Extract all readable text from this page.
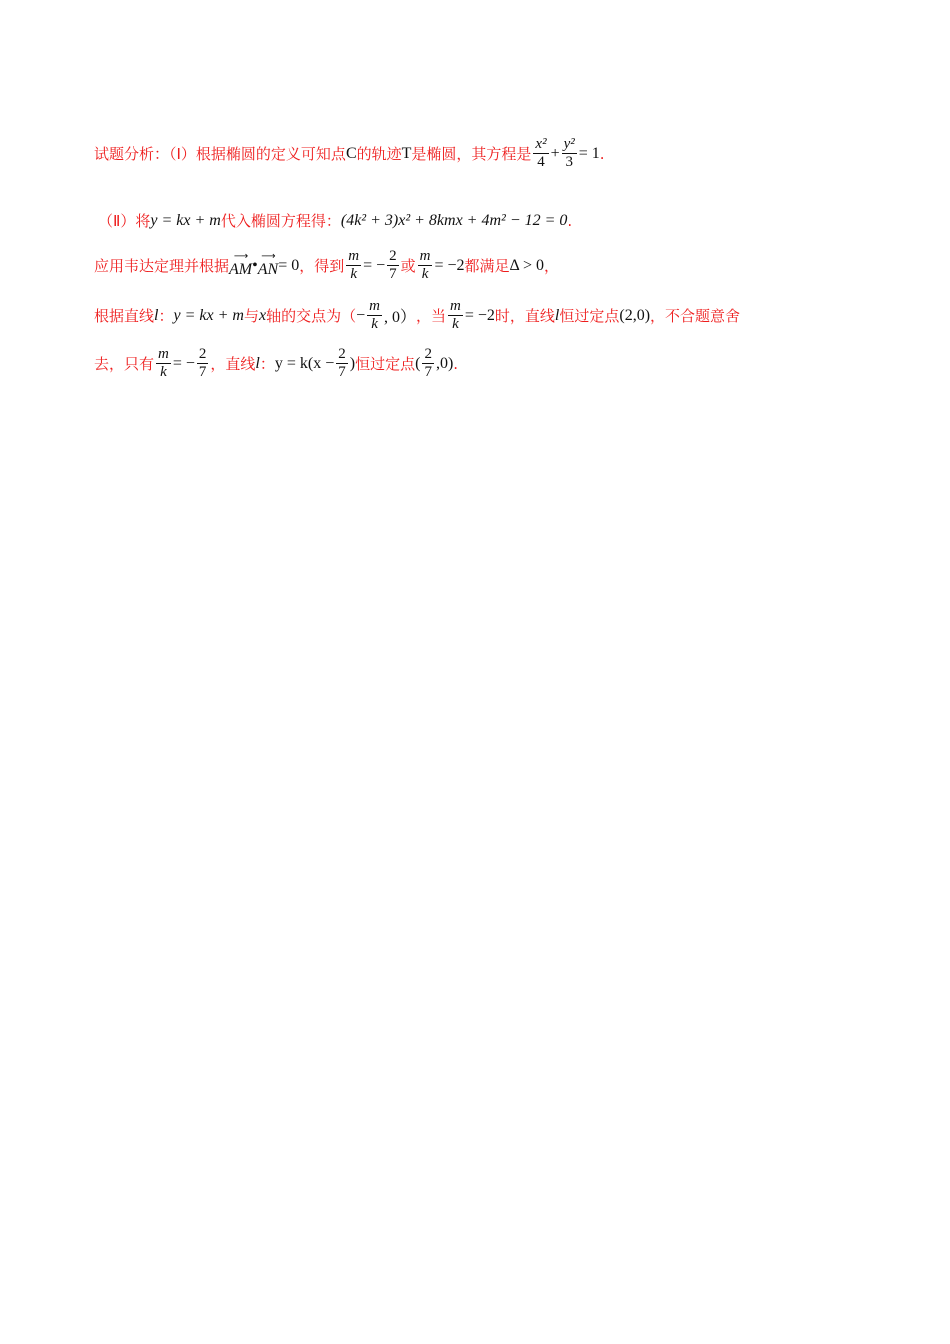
试题分析：（Ⅰ）根据椭圆的定义可知点 C 的轨迹 T 是椭圆，其方程是 $\frac{\text{x²}}{4} + \frac{\text{y²}}{3} = 1$ .
（Ⅱ）将 y = kx + m 代入椭圆方程得： (4k² + 3)x² + 8kmx + 4m² − 12 = 0 .
应用韦达定理并根据
⟶
AM •
⟶
AN = 0 ，得到 $\frac{m}{k}$ = − $\frac{2}{7}$ 或 $\frac{m}{k} = -2$ 都满足 Δ > 0 ，
根据直线 l ： y = kx + m 与 x 轴的交点为（ − $\frac{m}{k}$ , 0） ，当 $\frac{m}{k} = -2$ 时，直线 l 恒过定点 (2,0) ，不合题意舍
去，只有 $\frac{m}{k}$ = − $\frac{2}{7}$ ，直线 l ： $y = k(x - \frac{2}{7}$ ) 恒过定点 ( $\frac{2}{7} ,0$) .
